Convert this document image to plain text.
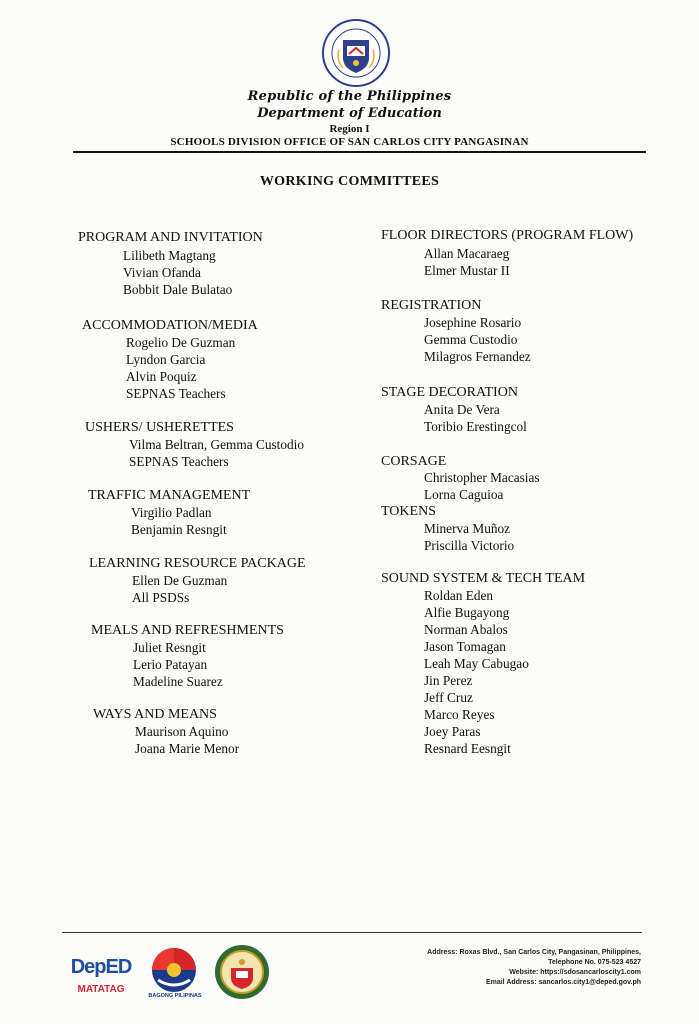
Republic of the Philippines
Department of Education
Region I
SCHOOLS DIVISION OFFICE OF SAN CARLOS CITY PANGASINAN
WORKING COMMITTEES
PROGRAM AND INVITATION
Lilibeth Magtang
Vivian Ofanda
Bobbit Dale Bulatao
ACCOMMODATION/MEDIA
Rogelio De Guzman
Lyndon Garcia
Alvin Poquiz
SEPNAS Teachers
USHERS/ USHERETTES
Vilma Beltran, Gemma Custodio
SEPNAS Teachers
TRAFFIC MANAGEMENT
Virgilio Padlan
Benjamin Resngit
LEARNING RESOURCE PACKAGE
Ellen De Guzman
All PSDSs
MEALS AND REFRESHMENTS
Juliet Resngit
Lerio Patayan
Madeline Suarez
WAYS AND MEANS
Maurison Aquino
Joana Marie Menor
FLOOR DIRECTORS (PROGRAM FLOW)
Allan Macaraeg
Elmer Mustar II
REGISTRATION
Josephine Rosario
Gemma Custodio
Milagros Fernandez
STAGE DECORATION
Anita De Vera
Toribio Erestingcol
CORSAGE
Christopher Macasias
Lorna Caguioa
TOKENS
Minerva Muñoz
Priscilla Victorio
SOUND SYSTEM & TECH TEAM
Roldan Eden
Alfie Bugayong
Norman Abalos
Jason Tomagan
Leah May Cabugao
Jin Perez
Jeff Cruz
Marco Reyes
Joey Paras
Resnard Eesngit
DepED
MATATAG
BAGONG PILIPINAS
Address: Roxas Blvd., San Carlos City, Pangasinan, Philippines,
Telephone No. 075-523 4527
Website: https://sdosancarloscity1.com
Email Address: sancarlos.city1@deped.gov.ph
